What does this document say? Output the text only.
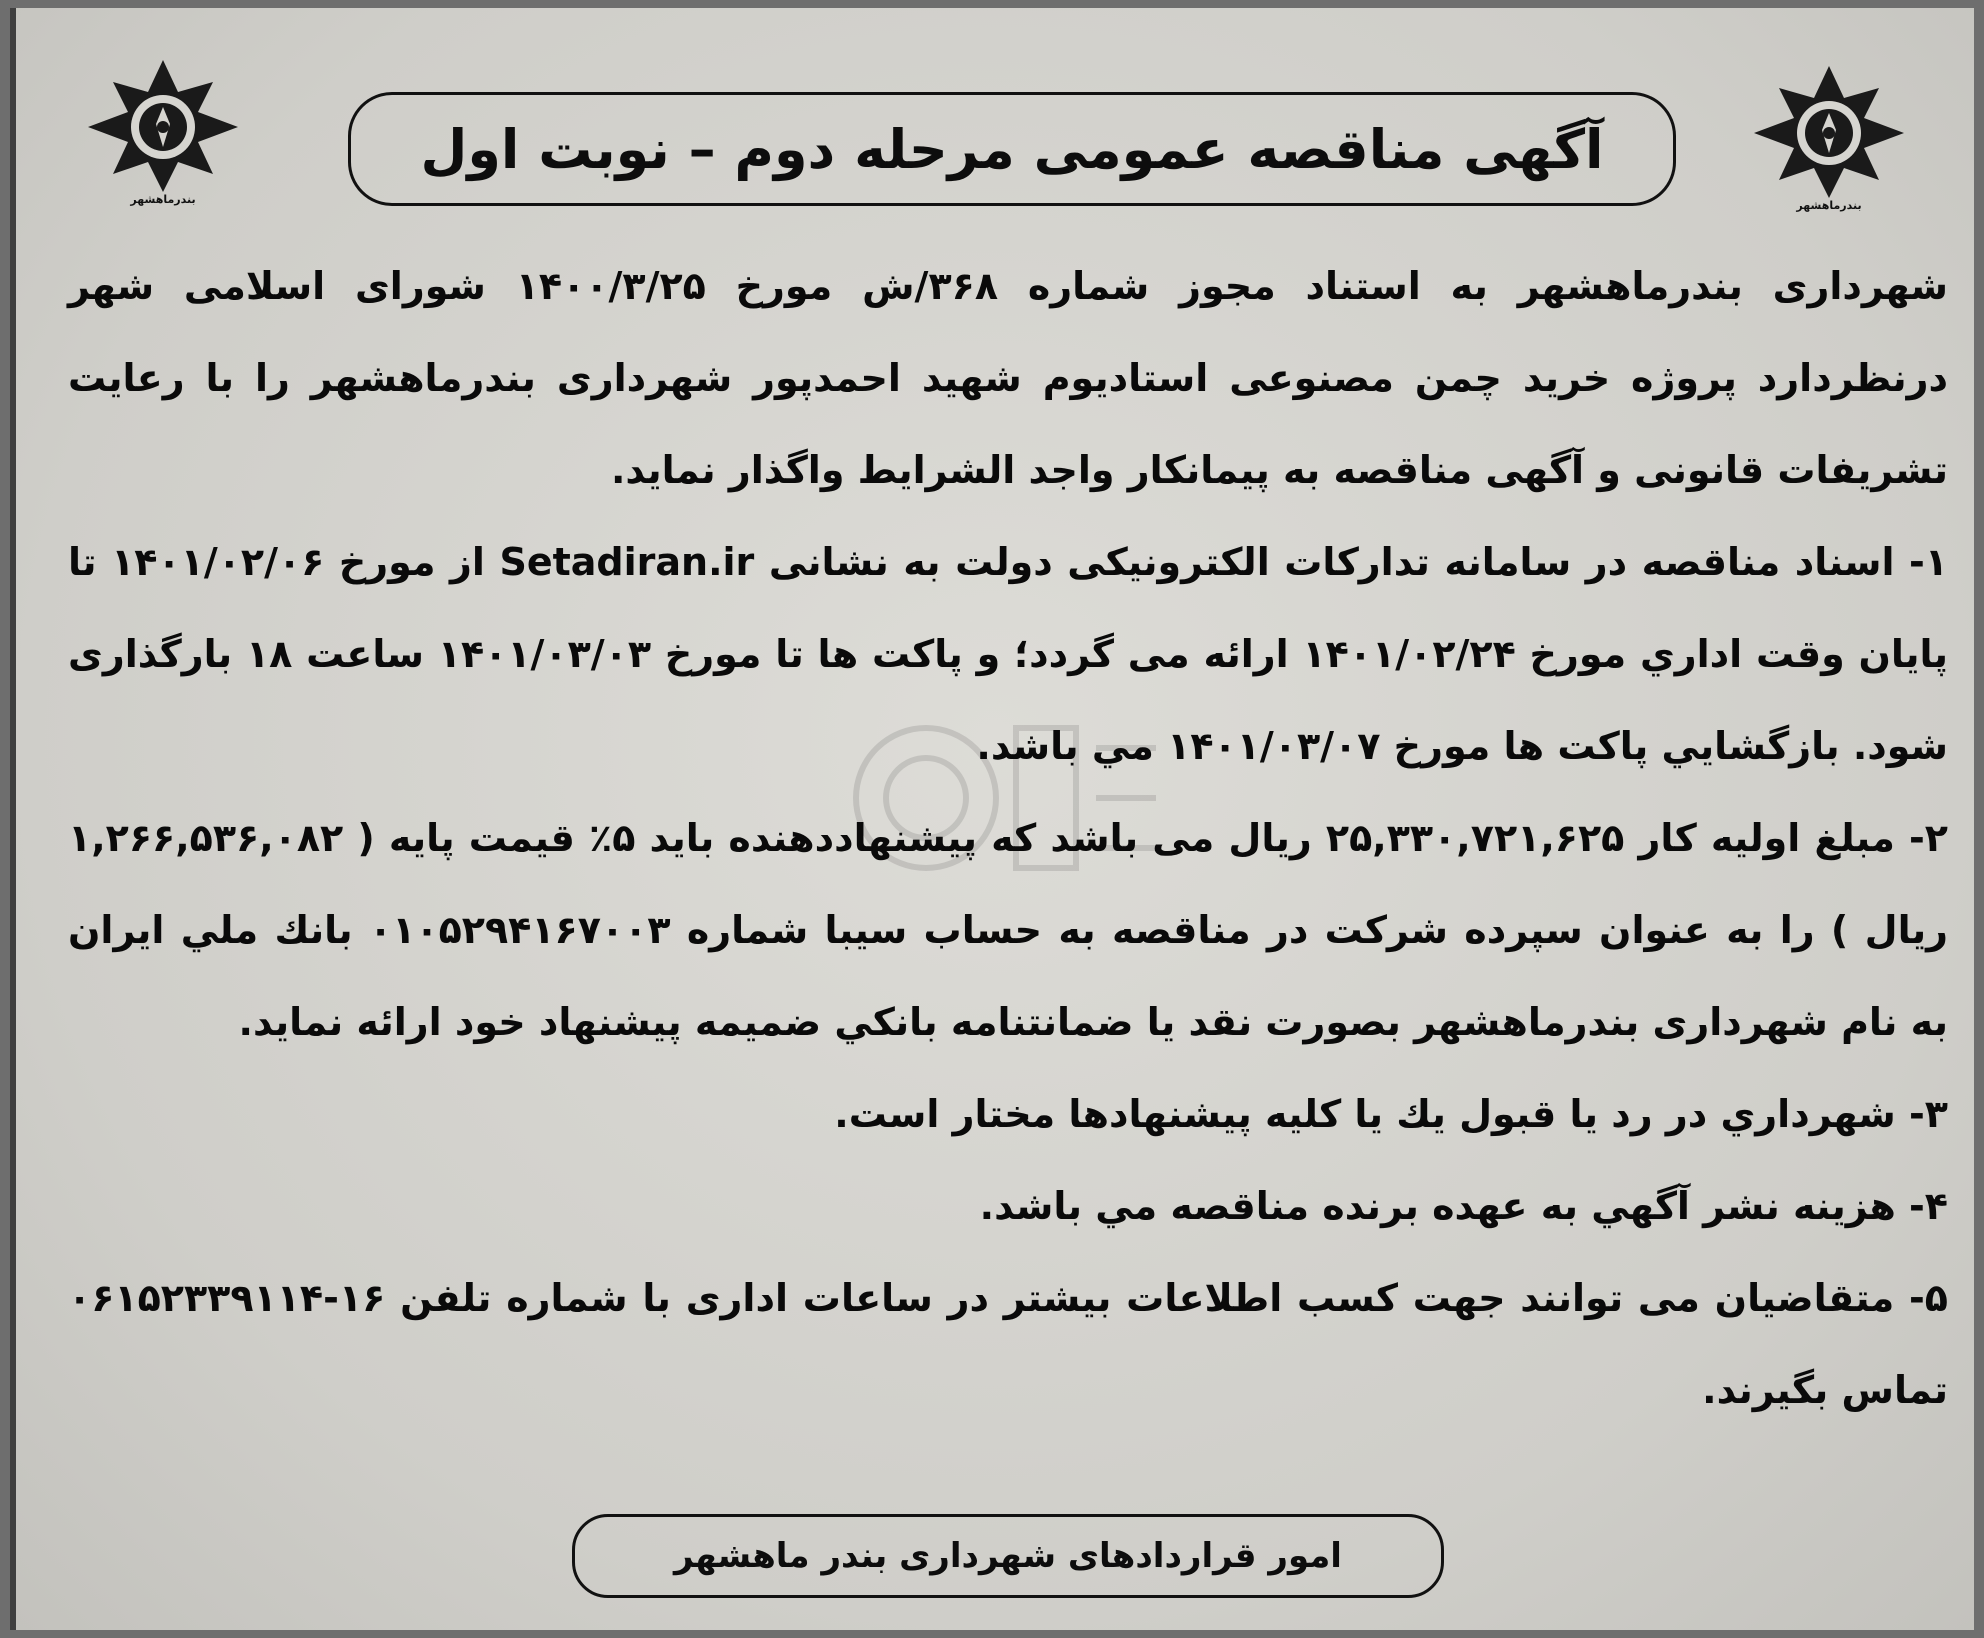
بندرماهشهر	بندرماهشهر
آگهی مناقصه عمومی مرحله دوم – نوبت اول

شهرداری بندرماهشهر به استناد مجوز شماره ۳۶۸/ش مورخ ۱۴۰۰/۳/۲۵ شورای اسلامی شهر درنظردارد پروژه خرید چمن مصنوعی استادیوم شهید احمدپور شهرداری بندرماهشهر را با رعایت تشریفات قانونی و آگهی مناقصه به پیمانکار واجد الشرایط واگذار نماید.

۱- اسناد مناقصه در سامانه تدارکات الکترونیکی دولت به نشانی Setadiran.ir از مورخ ۱۴۰۱/۰۲/۰۶ تا پایان وقت اداري مورخ ۱۴۰۱/۰۲/۲۴ ارائه می گردد؛ و پاکت ها تا مورخ ۱۴۰۱/۰۳/۰۳ ساعت ۱۸ بارگذاری شود. بازگشايي پاكت ها مورخ ۱۴۰۱/۰۳/۰۷ مي باشد.

۲- مبلغ اولیه کار ۲۵,۳۳۰,۷۲۱,۶۲۵ ریال می باشد که پیشنهاددهنده باید ۵٪ قیمت پایه ( ۱,۲۶۶,۵۳۶,۰۸۲ ريال ) را به عنوان سپرده شرکت در مناقصه به حساب سیبا شماره ۰۱۰۵۲۹۴۱۶۷۰۰۳ بانك ملي ایران به نام شهرداری بندرماهشهر بصورت نقد يا ضمانتنامه بانكي ضميمه پيشنهاد خود ارائه نماید.

۳- شهرداري در رد يا قبول يك يا كليه پيشنهادها مختار است.

۴- هزینه نشر آگهي به عهده برنده مناقصه مي باشد.

۵- متقاضیان می توانند جهت کسب اطلاعات بیشتر در ساعات اداری با شماره تلفن ۱۶-۰۶۱۵۲۳۳۹۱۱۴ تماس بگیرند.

امور قراردادهای شهرداری بندر ماهشهر
